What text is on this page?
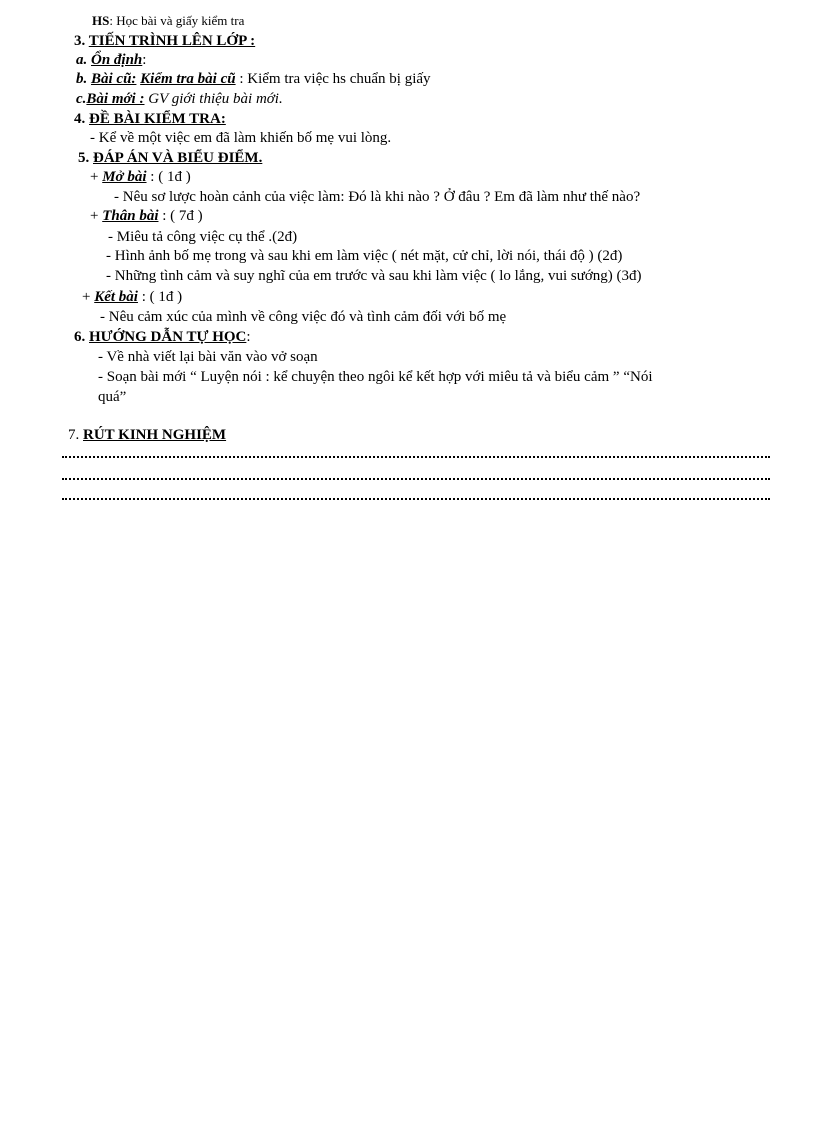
HS: Học bài và giấy kiểm tra
3. TIẾN TRÌNH LÊN LỚP :
a. Ổn định:
b. Bài cũ: Kiểm tra bài cũ : Kiểm tra việc hs chuẩn bị giấy
c.Bài mới : GV giới thiệu bài mới.
4. ĐỀ BÀI KIỂM TRA:
- Kể về một việc em đã làm khiến bố mẹ vui lòng.
5. ĐÁP ÁN VÀ BIỂU ĐIỂM.
+ Mở bài : ( 1đ )
- Nêu sơ lược hoàn cảnh của việc làm: Đó là khi nào ? Ở đâu ? Em đã làm như thế nào?
+ Thân bài : ( 7đ )
- Miêu tả công việc cụ thể .(2đ)
- Hình ảnh bố mẹ trong và sau khi em làm việc ( nét mặt, cử chỉ, lời nói, thái độ ) (2đ)
- Những tình cảm và suy nghĩ của em trước và sau khi làm việc ( lo lắng, vui sướng) (3đ)
+ Kết bài : ( 1đ )
- Nêu cảm xúc của mình về công việc đó và tình cảm đối với bố mẹ
6. HƯỚNG DẪN TỰ HỌC:
- Về nhà viết lại bài văn vào vở soạn
- Soạn bài mới “ Luyện nói : kể chuyện theo ngôi kể kết hợp với miêu tả và biểu cảm ” “Nói
quá”
7. RÚT KINH NGHIỆM
